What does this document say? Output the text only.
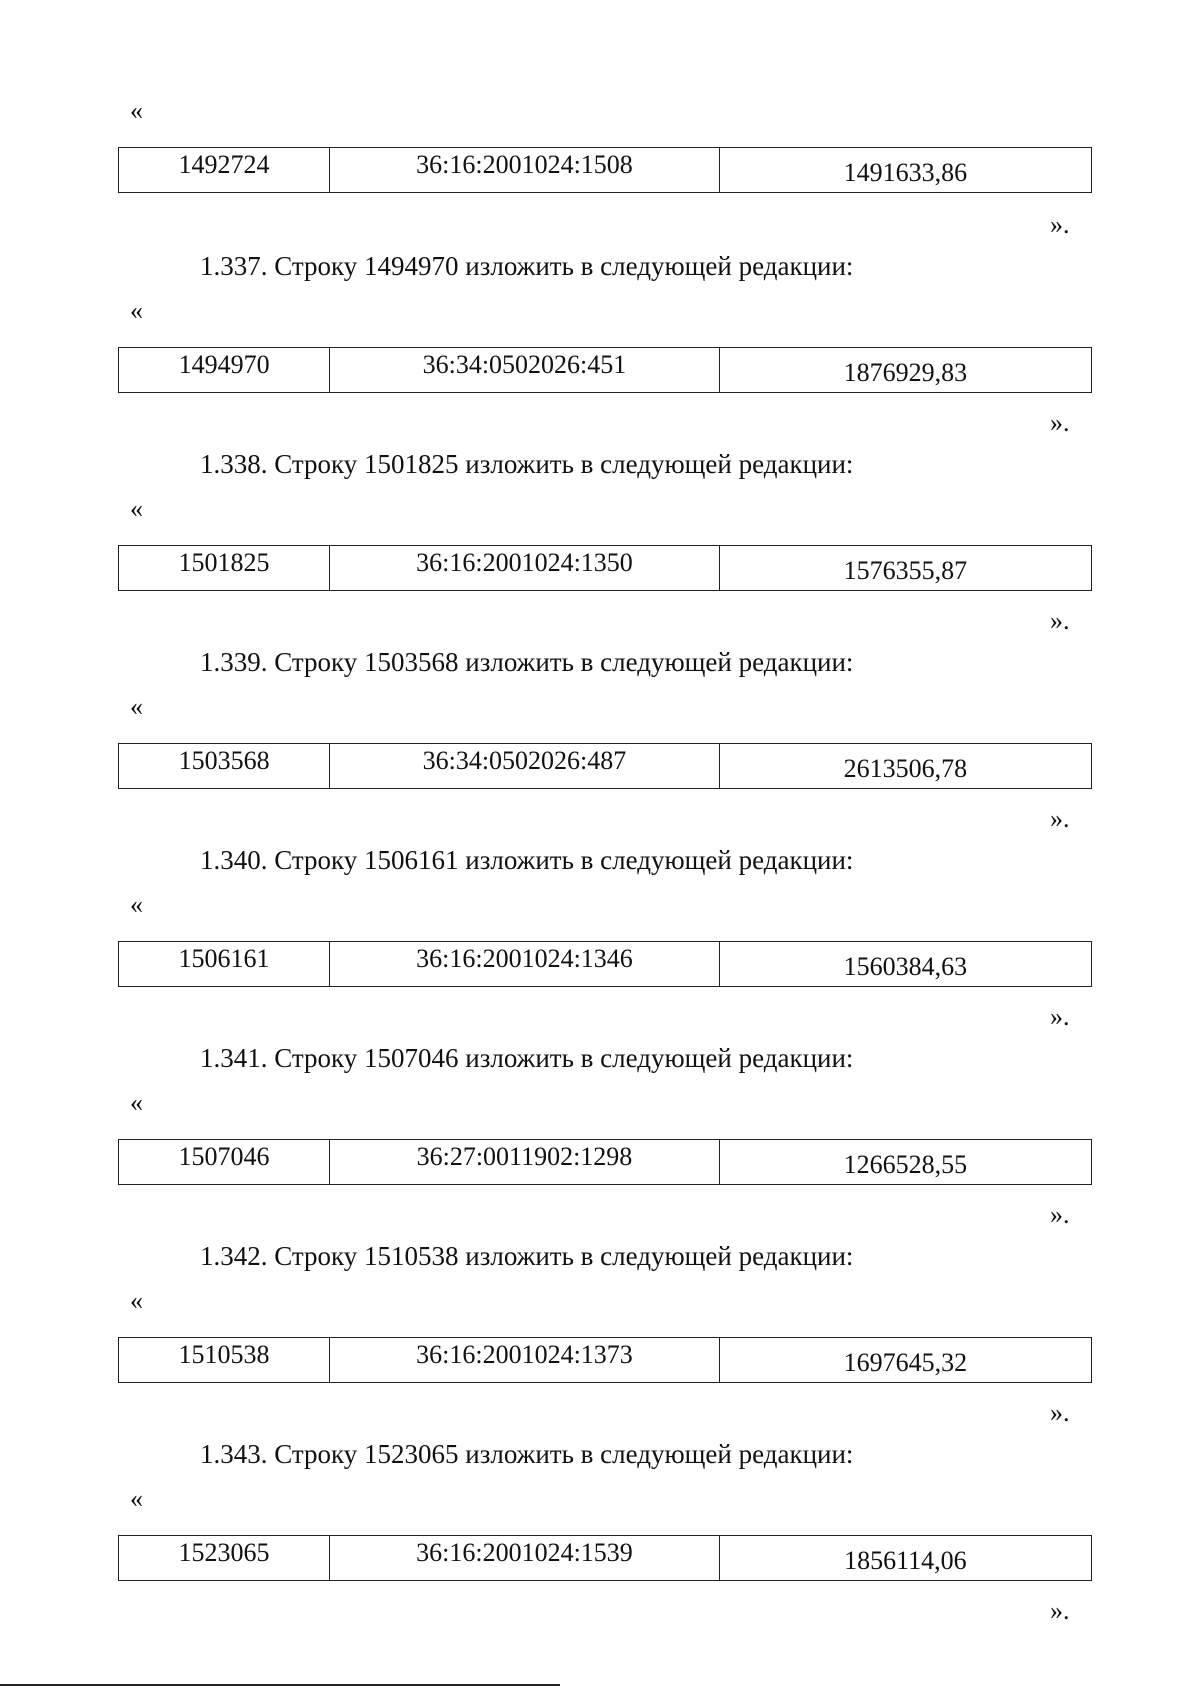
«
1492724	36:16:2001024:1508	1491633,86
».
1.337. Строку 1494970 изложить в следующей редакции:
«
1494970	36:34:0502026:451	1876929,83
».
1.338. Строку 1501825 изложить в следующей редакции:
«
1501825	36:16:2001024:1350	1576355,87
».
1.339. Строку 1503568 изложить в следующей редакции:
«
1503568	36:34:0502026:487	2613506,78
».
1.340. Строку 1506161 изложить в следующей редакции:
«
1506161	36:16:2001024:1346	1560384,63
».
1.341. Строку 1507046 изложить в следующей редакции:
«
1507046	36:27:0011902:1298	1266528,55
».
1.342. Строку 1510538 изложить в следующей редакции:
«
1510538	36:16:2001024:1373	1697645,32
».
1.343. Строку 1523065 изложить в следующей редакции:
«
1523065	36:16:2001024:1539	1856114,06
».
